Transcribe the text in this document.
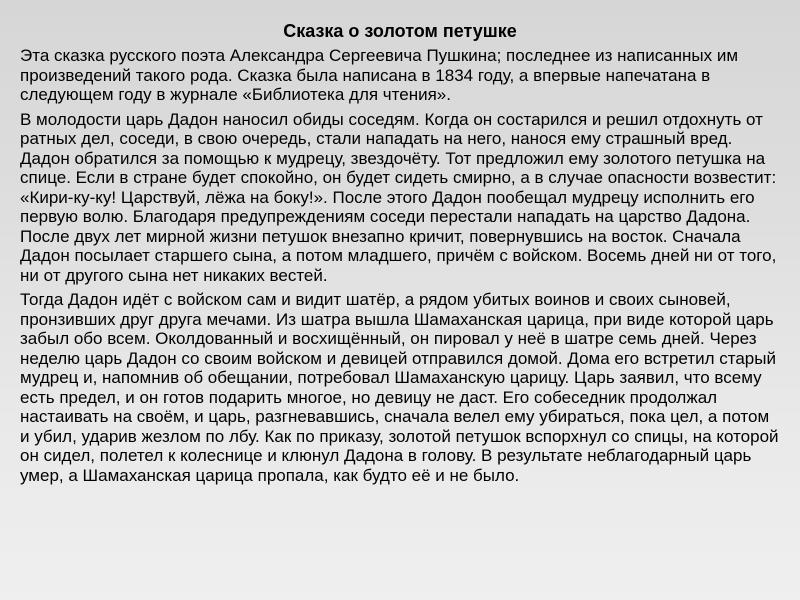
Сказка о золотом петушке

Эта сказка русского поэта Александра Сергеевича Пушкина; последнее из написанных им произведений такого рода. Сказка была написана в 1834 году, а впервые напечатана в следующем году в журнале «Библиотека для чтения».

В молодости царь Дадон наносил обиды соседям. Когда он состарился и решил отдохнуть от ратных дел, соседи, в свою очередь, стали нападать на него, нанося ему страшный вред. Дадон обратился за помощью к мудрецу, звездочёту. Тот предложил ему золотого петушка на спице. Если в стране будет спокойно, он будет сидеть смирно, а в случае опасности возвестит: «Кири-ку-ку! Царствуй, лёжа на боку!». После этого Дадон пообещал мудрецу исполнить его первую волю. Благодаря предупреждениям соседи перестали нападать на царство Дадона. После двух лет мирной жизни петушок внезапно кричит, повернувшись на восток. Сначала Дадон посылает старшего сына, а потом младшего, причём с войском. Восемь дней ни от того, ни от другого сына нет никаких вестей.

Тогда Дадон идёт с войском сам и видит шатёр, а рядом убитых воинов и своих сыновей, пронзивших друг друга мечами. Из шатра вышла Шамаханская царица, при виде которой царь забыл обо всем. Околдованный и восхищённый, он пировал у неё в шатре семь дней. Через неделю царь Дадон со своим войском и девицей отправился домой. Дома его встретил старый мудрец и, напомнив об обещании, потребовал Шамаханскую царицу. Царь заявил, что всему есть предел, и он готов подарить многое, но девицу не даст. Его собеседник продолжал настаивать на своём, и царь, разгневавшись, сначала велел ему убираться, пока цел, а потом и убил, ударив жезлом по лбу. Как по приказу, золотой петушок вспорхнул со спицы, на которой он сидел, полетел к колеснице и клюнул Дадона в голову. В результате неблагодарный царь умер, а Шамаханская царица пропала, как будто её и не было.
